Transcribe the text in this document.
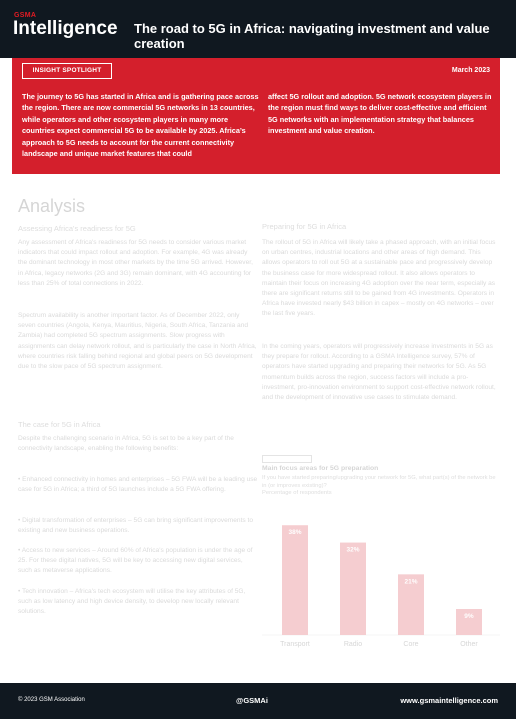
GSMA
Intelligence The road to 5G in Africa: navigating investment and value creation
INSIGHT SPOTLIGHT	March 2023
The journey to 5G has started in Africa and is gathering pace across the region. There are now commercial 5G networks in 13 countries, while operators and other ecosystem players in many more countries expect commercial 5G to be available by 2025. Africa’s approach to 5G needs to account for the current connectivity landscape and unique market features that could
affect 5G rollout and adoption. 5G network ecosystem players in the region must find ways to deliver cost-effective and efficient 5G networks with an implementation strategy that balances investment and value creation.
Analysis
Assessing Africa's readiness for 5G
Any assessment of Africa's readiness for 5G needs to consider various market indicators that could impact rollout and adoption. For example, 4G was already the dominant technology in most other markets by the time 5G arrived. However, in Africa, legacy networks (2G and 3G) remain dominant, with 4G accounting for less than 25% of total connections in 2022.
Spectrum availability is another important factor. As of December 2022, only seven countries (Angola, Kenya, Mauritius, Nigeria, South Africa, Tanzania and Zambia) had completed 5G spectrum assignments. Slow progress with assignments can delay network rollout, and is particularly the case in North Africa, where countries risk falling behind regional and global peers on 5G development due to the slow pace of 5G spectrum assignment.
The case for 5G in Africa
Despite the challenging scenario in Africa, 5G is set to be a key part of the connectivity landscape, enabling the following benefits:
• Enhanced connectivity in homes and enterprises – 5G FWA will be a leading use case for 5G in Africa; a third of 5G launches include a 5G FWA offering.
• Digital transformation of enterprises – 5G can bring significant improvements to existing and new business operations.
• Access to new services – Around 60% of Africa's population is under the age of 25. For these digital natives, 5G will be key to accessing new digital services, such as metaverse applications.
• Tech innovation – Africa's tech ecosystem will utilise the key attributes of 5G, such as low latency and high device density, to develop new locally relevant solutions.
Preparing for 5G in Africa
The rollout of 5G in Africa will likely take a phased approach, with an initial focus on urban centres, industrial locations and other areas of high demand. This allows operators to roll out 5G at a sustainable pace and progressively develop the business case for more widespread rollout. It also allows operators to maintain their focus on increasing 4G adoption over the near term, especially as there are significant returns still to be gained from 4G investments. Operators in Africa have invested nearly $43 billion in capex – mostly on 4G networks – over the last five years.
In the coming years, operators will progressively increase investments in 5G as they prepare for rollout. According to a GSMA Intelligence survey, 57% of operators have started upgrading and preparing their networks for 5G. As 5G momentum builds across the region, success factors will include a pro-investment, pro-innovation environment to support cost-effective network rollout, and the development of innovative use cases to stimulate demand.
Main focus areas for 5G preparation
If you have started preparing/upgrading your network for 5G, what part(s) of the network be in (or improves existing)?
Percentage of respondents
38%
Transport
32%
Radio
21%
Core
9%
Other
© 2023 GSM Association	@GSMAi	www.gsmaintelligence.com
